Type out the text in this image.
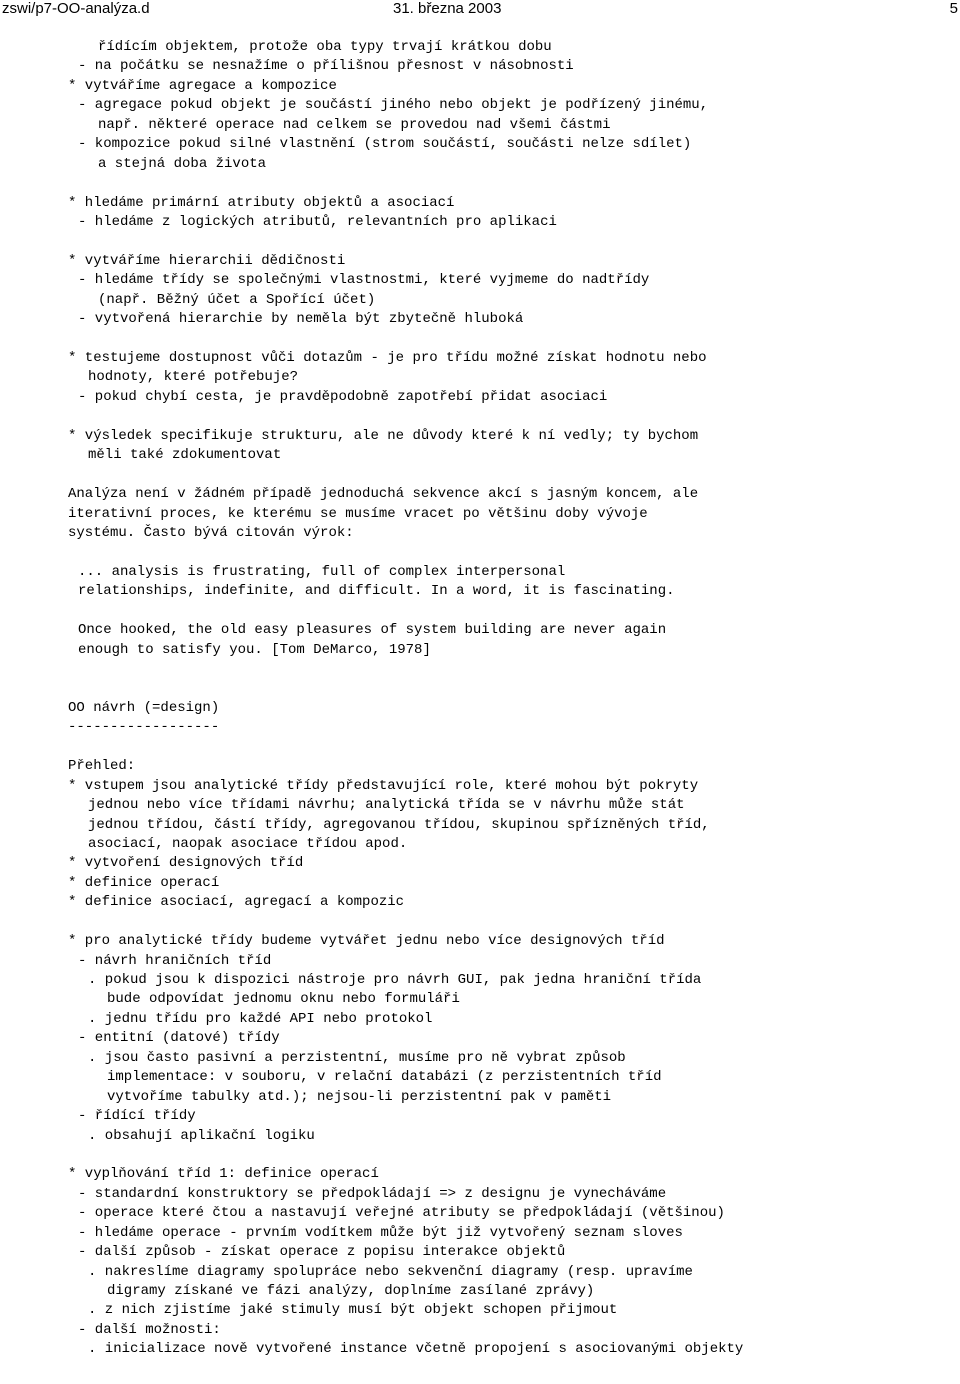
zswi/p7-OO-analýza.d	31. března 2003	5
řídícím objektem, protože oba typy trvají krátkou dobu
- na počátku se nesnažíme o přílišnou přesnost v násobnosti
* vytváříme agregace a kompozice
- agregace pokud objekt je součástí jiného nebo objekt je podřízený jinému,
např. některé operace nad celkem se provedou nad všemi částmi
- kompozice pokud silné vlastnění (strom součástí, součásti nelze sdílet)
a stejná doba života
* hledáme primární atributy objektů a asociací
- hledáme z logických atributů, relevantních pro aplikaci
* vytváříme hierarchii dědičnosti
- hledáme třídy se společnými vlastnostmi, které vyjmeme do nadtřídy
(např. Běžný účet a Spořící účet)
- vytvořená hierarchie by neměla být zbytečně hluboká
* testujeme dostupnost vůči dotazům - je pro třídu možné získat hodnotu nebo
hodnoty, které potřebuje?
- pokud chybí cesta, je pravděpodobně zapotřebí přidat asociaci
* výsledek specifikuje strukturu, ale ne důvody které k ní vedly; ty bychom
měli také zdokumentovat
Analýza není v žádném případě jednoduchá sekvence akcí s jasným koncem, ale
iterativní proces, ke kterému se musíme vracet po většinu doby vývoje
systému. Často bývá citován výrok:
... analysis is frustrating, full of complex interpersonal
relationships, indefinite, and difficult. In a word, it is fascinating.
Once hooked, the old easy pleasures of system building are never again
enough to satisfy you. [Tom DeMarco, 1978]
OO návrh (=design)
------------------
Přehled:
* vstupem jsou analytické třídy představující role, které mohou být pokryty
jednou nebo více třídami návrhu; analytická třída se v návrhu může stát
jednou třídou, částí třídy, agregovanou třídou, skupinou spřízněných tříd,
asociací, naopak asociace třídou apod.
* vytvoření designových tříd
* definice operací
* definice asociací, agregací a kompozic
* pro analytické třídy budeme vytvářet jednu nebo více designových tříd
- návrh hraničních tříd
. pokud jsou k dispozici nástroje pro návrh GUI, pak jedna hraniční třída
bude odpovídat jednomu oknu nebo formuláři
. jednu třídu pro každé API nebo protokol
- entitní (datové) třídy
. jsou často pasivní a perzistentní, musíme pro ně vybrat způsob
implementace: v souboru, v relační databázi (z perzistentních tříd
vytvoříme tabulky atd.); nejsou-li perzistentní pak v paměti
- řídící třídy
. obsahují aplikační logiku
* vyplňování tříd 1: definice operací
- standardní konstruktory se předpokládají => z designu je vynecháváme
- operace které čtou a nastavují veřejné atributy se předpokládají (většinou)
- hledáme operace - prvním vodítkem může být již vytvořený seznam sloves
- další způsob - získat operace z popisu interakce objektů
. nakreslíme diagramy spolupráce nebo sekvenční diagramy (resp. upravíme
digramy získané ve fázi analýzy, doplníme zasílané zprávy)
. z nich zjistíme jaké stimuly musí být objekt schopen přijmout
- další možnosti:
. inicializace nově vytvořené instance včetně propojení s asociovanými objekty
